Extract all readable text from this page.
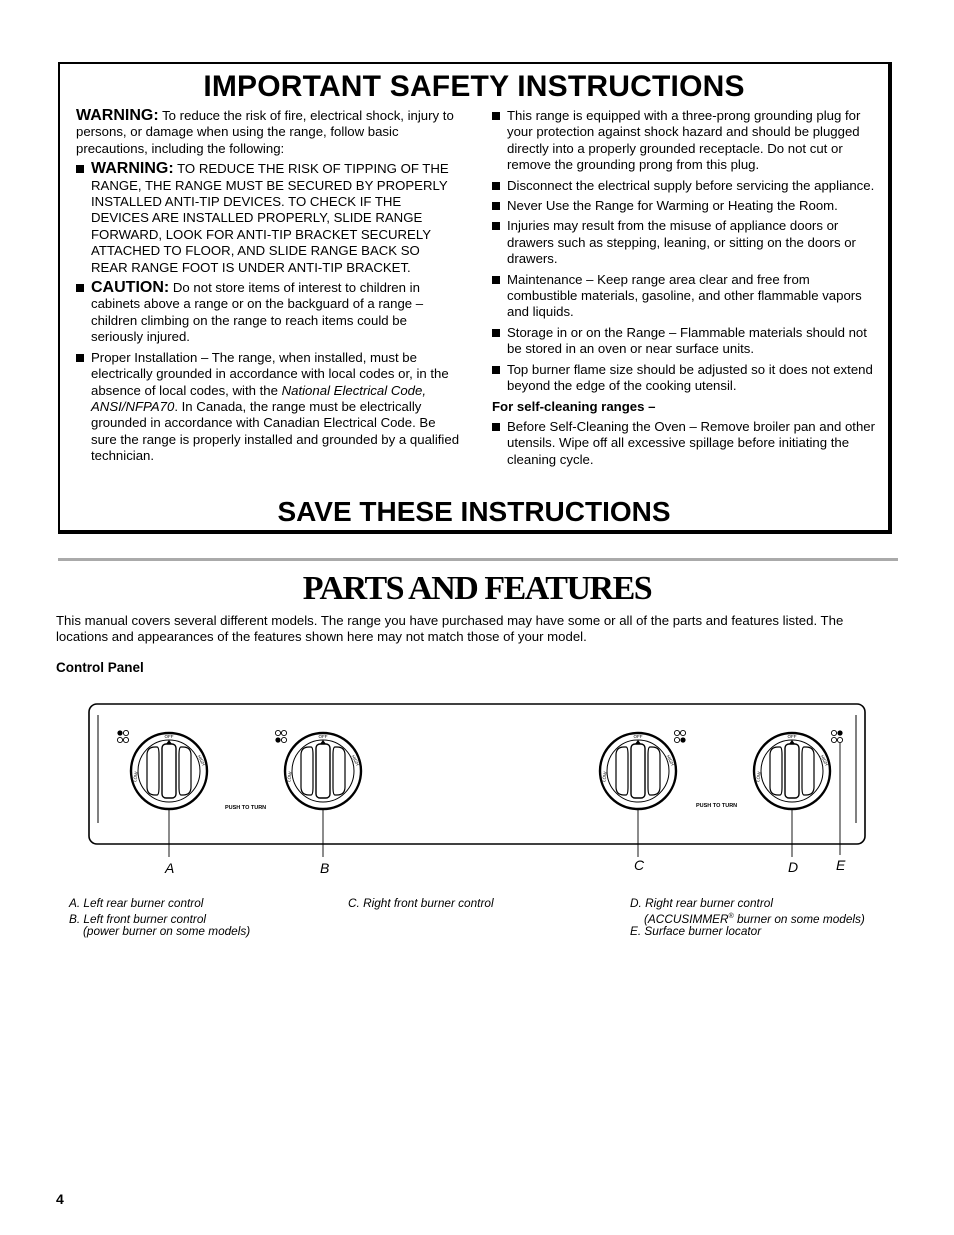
IMPORTANT SAFETY INSTRUCTIONS

WARNING: To reduce the risk of fire, electrical shock, injury to persons, or damage when using the range, follow basic precautions, including the following:

WARNING: TO REDUCE THE RISK OF TIPPING OF THE RANGE, THE RANGE MUST BE SECURED BY PROPERLY INSTALLED ANTI-TIP DEVICES. TO CHECK IF THE DEVICES ARE INSTALLED PROPERLY, SLIDE RANGE FORWARD, LOOK FOR ANTI-TIP BRACKET SECURELY ATTACHED TO FLOOR, AND SLIDE RANGE BACK SO REAR RANGE FOOT IS UNDER ANTI-TIP BRACKET.
CAUTION: Do not store items of interest to children in cabinets above a range or on the backguard of a range – children climbing on the range to reach items could be seriously injured.
Proper Installation – The range, when installed, must be electrically grounded in accordance with local codes or, in the absence of local codes, with the National Electrical Code, ANSI/NFPA70. In Canada, the range must be electrically grounded in accordance with Canadian Electrical Code. Be sure the range is properly installed and grounded by a qualified technician.
This range is equipped with a three-prong grounding plug for your protection against shock hazard and should be plugged directly into a properly grounded receptacle. Do not cut or remove the grounding prong from this plug.
Disconnect the electrical supply before servicing the appliance.
Never Use the Range for Warming or Heating the Room.
Injuries may result from the misuse of appliance doors or drawers such as stepping, leaning, or sitting on the doors or drawers.
Maintenance – Keep range area clear and free from combustible materials, gasoline, and other flammable vapors and liquids.
Storage in or on the Range – Flammable materials should not be stored in an oven or near surface units.
Top burner flame size should be adjusted so it does not extend beyond the edge of the cooking utensil.
For self-cleaning ranges –
Before Self-Cleaning the Oven – Remove broiler pan and other utensils. Wipe off all excessive spillage before initiating the cleaning cycle.
SAVE THESE INSTRUCTIONS
PARTS AND FEATURES
This manual covers several different models. The range you have purchased may have some or all of the parts and features listed. The locations and appearances of the features shown here may not match those of your model.
Control Panel
OFF
HIGH
LOW
OFF
HIGH
LOW
PUSH TO TURN
OFF
HIGH
LOW
PUSH TO TURN
OFF
HIGH
LOW
A	B	C	D	E
A. Left rear burner control
B. Left front burner control
(power burner on some models)
C. Right front burner control	D. Right rear burner control
(ACCUSIMMER® burner on some models)
E. Surface burner locator
4
